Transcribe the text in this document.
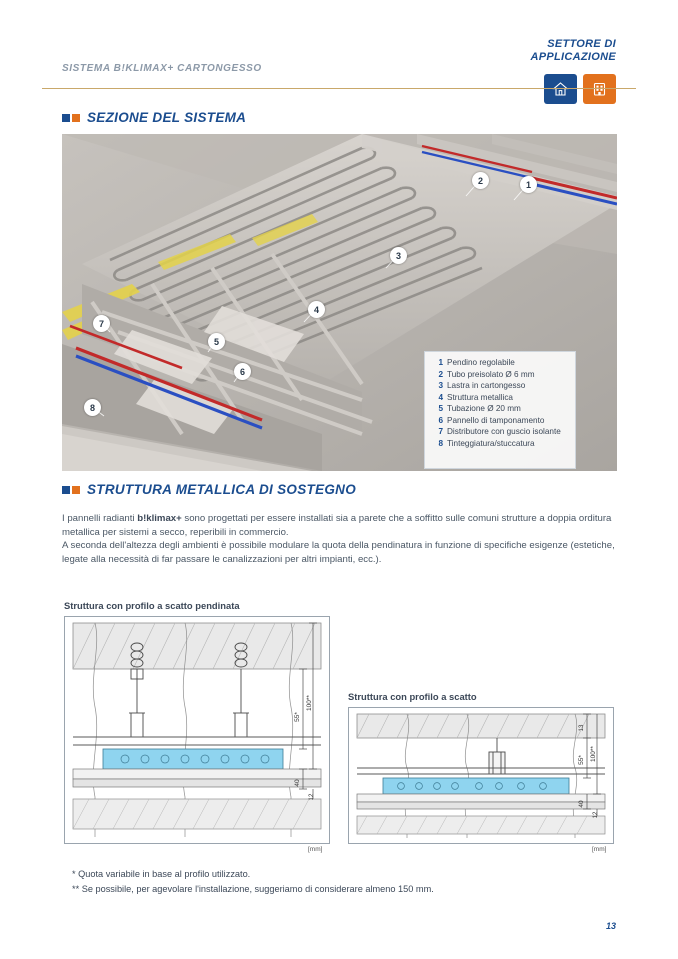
SISTEMA B!KLIMAX+ CARTONGESSO
SETTORE DI
APPLICAZIONE
SEZIONE DEL SISTEMA
1
2
3
4
5
6
7
8
1 Pendino regolabile
2 Tubo preisolato Ø 6 mm
3 Lastra in cartongesso
4 Struttura metallica
5 Tubazione Ø 20 mm
6 Pannello di tamponamento
7 Distributore con guscio isolante
8 Tinteggiatura/stuccatura
STRUTTURA METALLICA DI SOSTEGNO

I pannelli radianti b!klimax+ sono progettati per essere installati sia a parete che a soffitto sulle comuni strutture a doppia orditura metallica per sistemi a secco, reperibili in commercio.

A seconda dell'altezza degli ambienti è possibile modulare la quota della pendinatura in funzione di specifiche esigenze (estetiche, legate alla necessità di far passare le canalizzazioni per altri impianti, ecc.).

Struttura con profilo a scatto pendinata
55*
100**
40
12
[mm]
Struttura con profilo a scatto
13
55* 100**
40
12
[mm]
* Quota variabile in base al profilo utilizzato.
** Se possibile, per agevolare l'installazione, suggeriamo di considerare almeno 150 mm.
13
